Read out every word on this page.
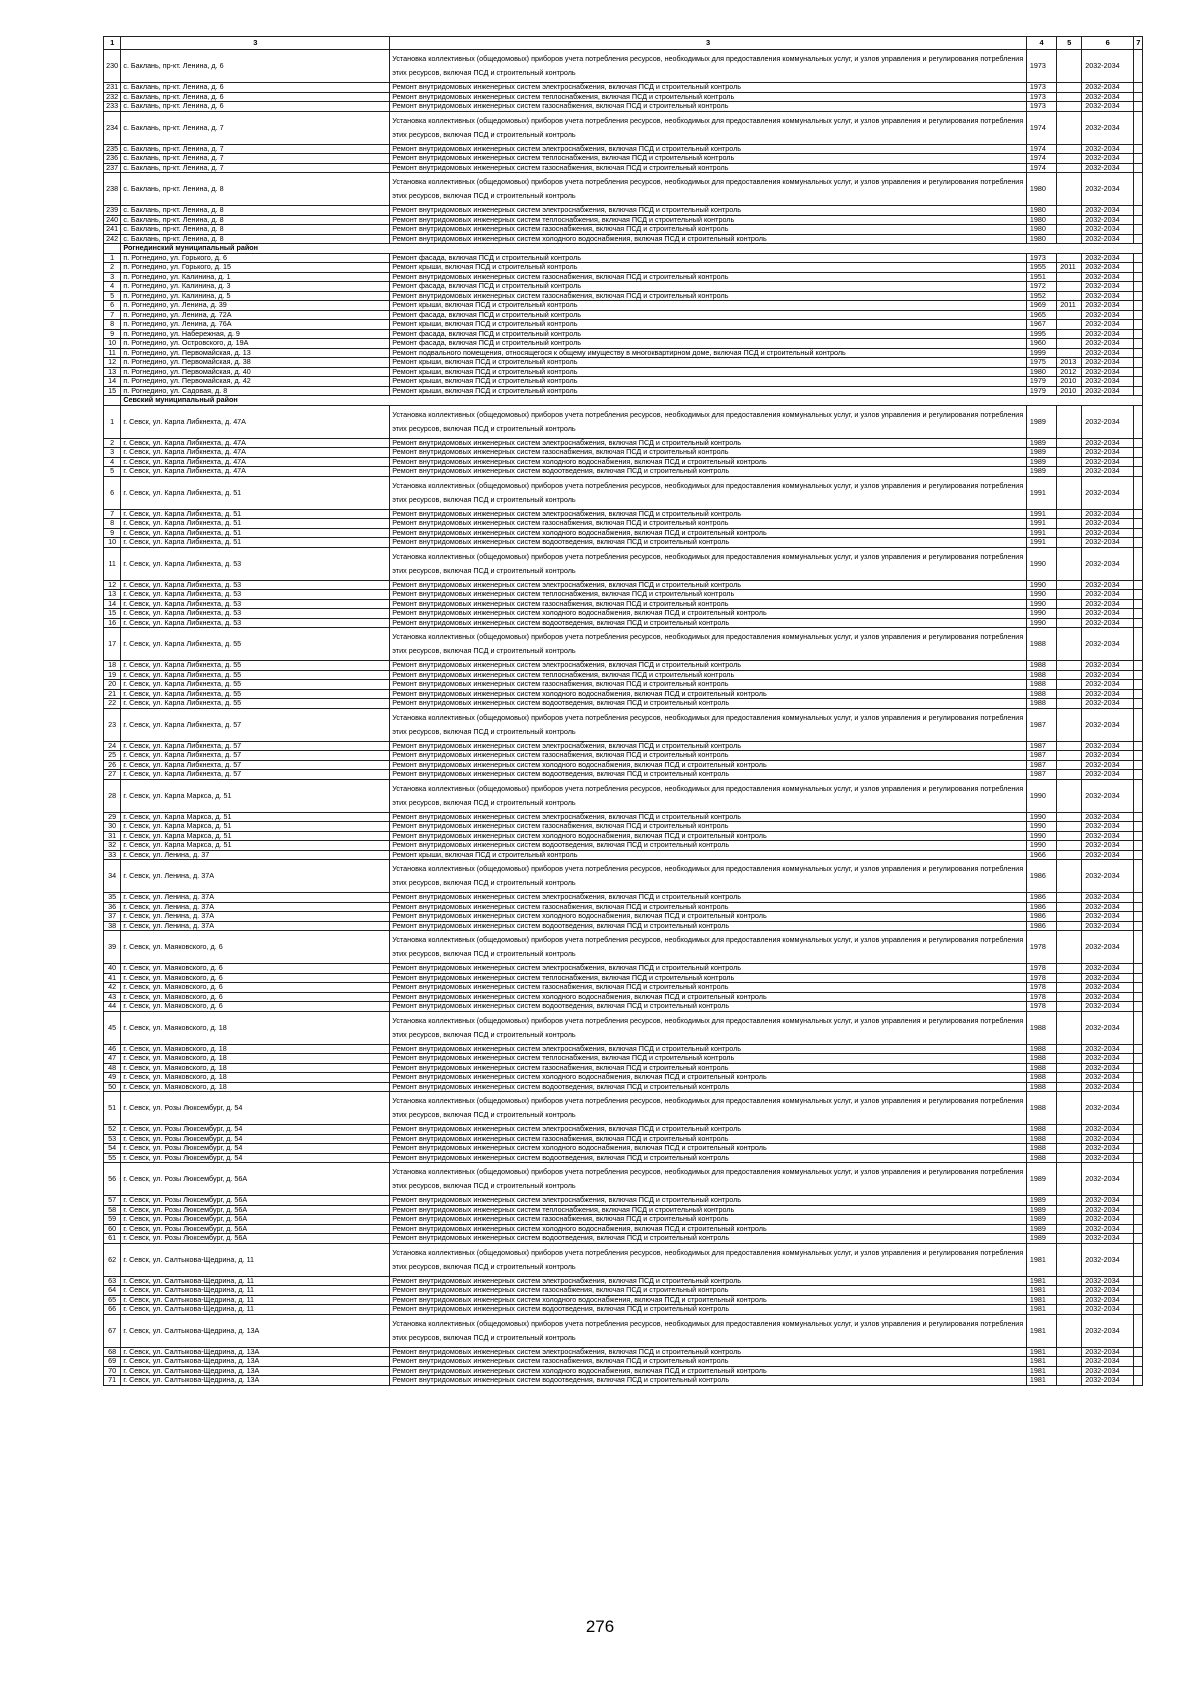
1	3	3	4	5	6	7
230	с. Баклань, пр-кт. Ленина, д. 6	Установка коллективных (общедомовых) приборов учета потребления ресурсов, необходимых для предоставления коммунальных услуг, и узлов управления и регулирования потребления этих ресурсов, включая ПСД и строительный контроль	1973		2032-2034	
231	с. Баклань, пр-кт. Ленина, д. 6	Ремонт внутридомовых инженерных систем электроснабжения, включая ПСД и строительный контроль	1973		2032-2034	
232	с. Баклань, пр-кт. Ленина, д. 6	Ремонт внутридомовых инженерных систем теплоснабжения, включая ПСД и строительный контроль	1973		2032-2034	
233	с. Баклань, пр-кт. Ленина, д. 6	Ремонт внутридомовых инженерных систем газоснабжения, включая ПСД и строительный контроль	1973		2032-2034	
234	с. Баклань, пр-кт. Ленина, д. 7	Установка коллективных (общедомовых) приборов учета потребления ресурсов, необходимых для предоставления коммунальных услуг, и узлов управления и регулирования потребления этих ресурсов, включая ПСД и строительный контроль	1974		2032-2034	
235	с. Баклань, пр-кт. Ленина, д. 7	Ремонт внутридомовых инженерных систем электроснабжения, включая ПСД и строительный контроль	1974		2032-2034	
236	с. Баклань, пр-кт. Ленина, д. 7	Ремонт внутридомовых инженерных систем теплоснабжения, включая ПСД и строительный контроль	1974		2032-2034	
237	с. Баклань, пр-кт. Ленина, д. 7	Ремонт внутридомовых инженерных систем газоснабжения, включая ПСД и строительный контроль	1974		2032-2034	
238	с. Баклань, пр-кт. Ленина, д. 8	Установка коллективных (общедомовых) приборов учета потребления ресурсов, необходимых для предоставления коммунальных услуг, и узлов управления и регулирования потребления этих ресурсов, включая ПСД и строительный контроль	1980		2032-2034	
239	с. Баклань, пр-кт. Ленина, д. 8	Ремонт внутридомовых инженерных систем электроснабжения, включая ПСД и строительный контроль	1980		2032-2034	
240	с. Баклань, пр-кт. Ленина, д. 8	Ремонт внутридомовых инженерных систем теплоснабжения, включая ПСД и строительный контроль	1980		2032-2034	
241	с. Баклань, пр-кт. Ленина, д. 8	Ремонт внутридомовых инженерных систем газоснабжения, включая ПСД и строительный контроль	1980		2032-2034	
242	с. Баклань, пр-кт. Ленина, д. 8	Ремонт внутридомовых инженерных систем холодного водоснабжения, включая ПСД и строительный контроль	1980		2032-2034	
	Рогнединский муниципальный район					
1	п. Рогнедино, ул. Горького, д. 6	Ремонт фасада, включая ПСД и строительный контроль	1973		2032-2034	
2	п. Рогнедино, ул. Горького, д. 15	Ремонт крыши, включая ПСД и строительный контроль	1955	2011	2032-2034	
3	п. Рогнедино, ул. Калинина, д. 1	Ремонт внутридомовых инженерных систем газоснабжения, включая ПСД и строительный контроль	1951		2032-2034	
4	п. Рогнедино, ул. Калинина, д. 3	Ремонт фасада, включая ПСД и строительный контроль	1972		2032-2034	
5	п. Рогнедино, ул. Калинина, д. 5	Ремонт внутридомовых инженерных систем газоснабжения, включая ПСД и строительный контроль	1952		2032-2034	
6	п. Рогнедино, ул. Ленина, д. 39	Ремонт крыши, включая ПСД и строительный контроль	1969	2011	2032-2034	
7	п. Рогнедино, ул. Ленина, д. 72А	Ремонт фасада, включая ПСД и строительный контроль	1965		2032-2034	
8	п. Рогнедино, ул. Ленина, д. 76А	Ремонт крыши, включая ПСД и строительный контроль	1967		2032-2034	
9	п. Рогнедино, ул. Набережная, д. 9	Ремонт фасада, включая ПСД и строительный контроль	1995		2032-2034	
10	п. Рогнедино, ул. Островского, д. 19А	Ремонт фасада, включая ПСД и строительный контроль	1960		2032-2034	
11	п. Рогнедино, ул. Первомайская, д. 13	Ремонт подвального помещения, относящегося к общему имуществу в многоквартирном доме, включая ПСД и строительный контроль	1999		2032-2034	
12	п. Рогнедино, ул. Первомайская, д. 38	Ремонт крыши, включая ПСД и строительный контроль	1975	2013	2032-2034	
13	п. Рогнедино, ул. Первомайская, д. 40	Ремонт крыши, включая ПСД и строительный контроль	1980	2012	2032-2034	
14	п. Рогнедино, ул. Первомайская, д. 42	Ремонт крыши, включая ПСД и строительный контроль	1979	2010	2032-2034	
15	п. Рогнедино, ул. Садовая, д. 8	Ремонт крыши, включая ПСД и строительный контроль	1979	2010	2032-2034	
	Севский муниципальный район					
1	г. Севск, ул. Карла Либкнехта, д. 47А	Установка коллективных (общедомовых) приборов учета потребления ресурсов, необходимых для предоставления коммунальных услуг, и узлов управления и регулирования потребления этих ресурсов, включая ПСД и строительный контроль	1989		2032-2034	
2	г. Севск, ул. Карла Либкнехта, д. 47А	Ремонт внутридомовых инженерных систем электроснабжения, включая ПСД и строительный контроль	1989		2032-2034	
3	г. Севск, ул. Карла Либкнехта, д. 47А	Ремонт внутридомовых инженерных систем газоснабжения, включая ПСД и строительный контроль	1989		2032-2034	
4	г. Севск, ул. Карла Либкнехта, д. 47А	Ремонт внутридомовых инженерных систем холодного водоснабжения, включая ПСД и строительный контроль	1989		2032-2034	
5	г. Севск, ул. Карла Либкнехта, д. 47А	Ремонт внутридомовых инженерных систем водоотведения, включая ПСД и строительный контроль	1989		2032-2034	
6	г. Севск, ул. Карла Либкнехта, д. 51	Установка коллективных (общедомовых) приборов учета потребления ресурсов, необходимых для предоставления коммунальных услуг, и узлов управления и регулирования потребления этих ресурсов, включая ПСД и строительный контроль	1991		2032-2034	
7	г. Севск, ул. Карла Либкнехта, д. 51	Ремонт внутридомовых инженерных систем электроснабжения, включая ПСД и строительный контроль	1991		2032-2034	
8	г. Севск, ул. Карла Либкнехта, д. 51	Ремонт внутридомовых инженерных систем газоснабжения, включая ПСД и строительный контроль	1991		2032-2034	
9	г. Севск, ул. Карла Либкнехта, д. 51	Ремонт внутридомовых инженерных систем холодного водоснабжения, включая ПСД и строительный контроль	1991		2032-2034	
10	г. Севск, ул. Карла Либкнехта, д. 51	Ремонт внутридомовых инженерных систем водоотведения, включая ПСД и строительный контроль	1991		2032-2034	
11	г. Севск, ул. Карла Либкнехта, д. 53	Установка коллективных (общедомовых) приборов учета потребления ресурсов, необходимых для предоставления коммунальных услуг, и узлов управления и регулирования потребления этих ресурсов, включая ПСД и строительный контроль	1990		2032-2034	
12	г. Севск, ул. Карла Либкнехта, д. 53	Ремонт внутридомовых инженерных систем электроснабжения, включая ПСД и строительный контроль	1990		2032-2034	
13	г. Севск, ул. Карла Либкнехта, д. 53	Ремонт внутридомовых инженерных систем теплоснабжения, включая ПСД и строительный контроль	1990		2032-2034	
14	г. Севск, ул. Карла Либкнехта, д. 53	Ремонт внутридомовых инженерных систем газоснабжения, включая ПСД и строительный контроль	1990		2032-2034	
15	г. Севск, ул. Карла Либкнехта, д. 53	Ремонт внутридомовых инженерных систем холодного водоснабжения, включая ПСД и строительный контроль	1990		2032-2034	
16	г. Севск, ул. Карла Либкнехта, д. 53	Ремонт внутридомовых инженерных систем водоотведения, включая ПСД и строительный контроль	1990		2032-2034	
17	г. Севск, ул. Карла Либкнехта, д. 55	Установка коллективных (общедомовых) приборов учета потребления ресурсов, необходимых для предоставления коммунальных услуг, и узлов управления и регулирования потребления этих ресурсов, включая ПСД и строительный контроль	1988		2032-2034	
18	г. Севск, ул. Карла Либкнехта, д. 55	Ремонт внутридомовых инженерных систем электроснабжения, включая ПСД и строительный контроль	1988		2032-2034	
19	г. Севск, ул. Карла Либкнехта, д. 55	Ремонт внутридомовых инженерных систем теплоснабжения, включая ПСД и строительный контроль	1988		2032-2034	
20	г. Севск, ул. Карла Либкнехта, д. 55	Ремонт внутридомовых инженерных систем газоснабжения, включая ПСД и строительный контроль	1988		2032-2034	
21	г. Севск, ул. Карла Либкнехта, д. 55	Ремонт внутридомовых инженерных систем холодного водоснабжения, включая ПСД и строительный контроль	1988		2032-2034	
22	г. Севск, ул. Карла Либкнехта, д. 55	Ремонт внутридомовых инженерных систем водоотведения, включая ПСД и строительный контроль	1988		2032-2034	
23	г. Севск, ул. Карла Либкнехта, д. 57	Установка коллективных (общедомовых) приборов учета потребления ресурсов, необходимых для предоставления коммунальных услуг, и узлов управления и регулирования потребления этих ресурсов, включая ПСД и строительный контроль	1987		2032-2034	
24	г. Севск, ул. Карла Либкнехта, д. 57	Ремонт внутридомовых инженерных систем электроснабжения, включая ПСД и строительный контроль	1987		2032-2034	
25	г. Севск, ул. Карла Либкнехта, д. 57	Ремонт внутридомовых инженерных систем газоснабжения, включая ПСД и строительный контроль	1987		2032-2034	
26	г. Севск, ул. Карла Либкнехта, д. 57	Ремонт внутридомовых инженерных систем холодного водоснабжения, включая ПСД и строительный контроль	1987		2032-2034	
27	г. Севск, ул. Карла Либкнехта, д. 57	Ремонт внутридомовых инженерных систем водоотведения, включая ПСД и строительный контроль	1987		2032-2034	
28	г. Севск, ул. Карла Маркса, д. 51	Установка коллективных (общедомовых) приборов учета потребления ресурсов, необходимых для предоставления коммунальных услуг, и узлов управления и регулирования потребления этих ресурсов, включая ПСД и строительный контроль	1990		2032-2034	
29	г. Севск, ул. Карла Маркса, д. 51	Ремонт внутридомовых инженерных систем электроснабжения, включая ПСД и строительный контроль	1990		2032-2034	
30	г. Севск, ул. Карла Маркса, д. 51	Ремонт внутридомовых инженерных систем газоснабжения, включая ПСД и строительный контроль	1990		2032-2034	
31	г. Севск, ул. Карла Маркса, д. 51	Ремонт внутридомовых инженерных систем холодного водоснабжения, включая ПСД и строительный контроль	1990		2032-2034	
32	г. Севск, ул. Карла Маркса, д. 51	Ремонт внутридомовых инженерных систем водоотведения, включая ПСД и строительный контроль	1990		2032-2034	
33	г. Севск, ул. Ленина, д. 37	Ремонт крыши, включая ПСД и строительный контроль	1966		2032-2034	
34	г. Севск, ул. Ленина, д. 37А	Установка коллективных (общедомовых) приборов учета потребления ресурсов, необходимых для предоставления коммунальных услуг, и узлов управления и регулирования потребления этих ресурсов, включая ПСД и строительный контроль	1986		2032-2034	
35	г. Севск, ул. Ленина, д. 37А	Ремонт внутридомовых инженерных систем электроснабжения, включая ПСД и строительный контроль	1986		2032-2034	
36	г. Севск, ул. Ленина, д. 37А	Ремонт внутридомовых инженерных систем газоснабжения, включая ПСД и строительный контроль	1986		2032-2034	
37	г. Севск, ул. Ленина, д. 37А	Ремонт внутридомовых инженерных систем холодного водоснабжения, включая ПСД и строительный контроль	1986		2032-2034	
38	г. Севск, ул. Ленина, д. 37А	Ремонт внутридомовых инженерных систем водоотведения, включая ПСД и строительный контроль	1986		2032-2034	
39	г. Севск, ул. Маяковского, д. 6	Установка коллективных (общедомовых) приборов учета потребления ресурсов, необходимых для предоставления коммунальных услуг, и узлов управления и регулирования потребления этих ресурсов, включая ПСД и строительный контроль	1978		2032-2034	
40	г. Севск, ул. Маяковского, д. 6	Ремонт внутридомовых инженерных систем электроснабжения, включая ПСД и строительный контроль	1978		2032-2034	
41	г. Севск, ул. Маяковского, д. 6	Ремонт внутридомовых инженерных систем теплоснабжения, включая ПСД и строительный контроль	1978		2032-2034	
42	г. Севск, ул. Маяковского, д. 6	Ремонт внутридомовых инженерных систем газоснабжения, включая ПСД и строительный контроль	1978		2032-2034	
43	г. Севск, ул. Маяковского, д. 6	Ремонт внутридомовых инженерных систем холодного водоснабжения, включая ПСД и строительный контроль	1978		2032-2034	
44	г. Севск, ул. Маяковского, д. 6	Ремонт внутридомовых инженерных систем водоотведения, включая ПСД и строительный контроль	1978		2032-2034	
45	г. Севск, ул. Маяковского, д. 18	Установка коллективных (общедомовых) приборов учета потребления ресурсов, необходимых для предоставления коммунальных услуг, и узлов управления и регулирования потребления этих ресурсов, включая ПСД и строительный контроль	1988		2032-2034	
46	г. Севск, ул. Маяковского, д. 18	Ремонт внутридомовых инженерных систем электроснабжения, включая ПСД и строительный контроль	1988		2032-2034	
47	г. Севск, ул. Маяковского, д. 18	Ремонт внутридомовых инженерных систем теплоснабжения, включая ПСД и строительный контроль	1988		2032-2034	
48	г. Севск, ул. Маяковского, д. 18	Ремонт внутридомовых инженерных систем газоснабжения, включая ПСД и строительный контроль	1988		2032-2034	
49	г. Севск, ул. Маяковского, д. 18	Ремонт внутридомовых инженерных систем холодного водоснабжения, включая ПСД и строительный контроль	1988		2032-2034	
50	г. Севск, ул. Маяковского, д. 18	Ремонт внутридомовых инженерных систем водоотведения, включая ПСД и строительный контроль	1988		2032-2034	
51	г. Севск, ул. Розы Люксембург, д. 54	Установка коллективных (общедомовых) приборов учета потребления ресурсов, необходимых для предоставления коммунальных услуг, и узлов управления и регулирования потребления этих ресурсов, включая ПСД и строительный контроль	1988		2032-2034	
52	г. Севск, ул. Розы Люксембург, д. 54	Ремонт внутридомовых инженерных систем электроснабжения, включая ПСД и строительный контроль	1988		2032-2034	
53	г. Севск, ул. Розы Люксембург, д. 54	Ремонт внутридомовых инженерных систем газоснабжения, включая ПСД и строительный контроль	1988		2032-2034	
54	г. Севск, ул. Розы Люксембург, д. 54	Ремонт внутридомовых инженерных систем холодного водоснабжения, включая ПСД и строительный контроль	1988		2032-2034	
55	г. Севск, ул. Розы Люксембург, д. 54	Ремонт внутридомовых инженерных систем водоотведения, включая ПСД и строительный контроль	1988		2032-2034	
56	г. Севск, ул. Розы Люксембург, д. 56А	Установка коллективных (общедомовых) приборов учета потребления ресурсов, необходимых для предоставления коммунальных услуг, и узлов управления и регулирования потребления этих ресурсов, включая ПСД и строительный контроль	1989		2032-2034	
57	г. Севск, ул. Розы Люксембург, д. 56А	Ремонт внутридомовых инженерных систем электроснабжения, включая ПСД и строительный контроль	1989		2032-2034	
58	г. Севск, ул. Розы Люксембург, д. 56А	Ремонт внутридомовых инженерных систем теплоснабжения, включая ПСД и строительный контроль	1989		2032-2034	
59	г. Севск, ул. Розы Люксембург, д. 56А	Ремонт внутридомовых инженерных систем газоснабжения, включая ПСД и строительный контроль	1989		2032-2034	
60	г. Севск, ул. Розы Люксембург, д. 56А	Ремонт внутридомовых инженерных систем холодного водоснабжения, включая ПСД и строительный контроль	1989		2032-2034	
61	г. Севск, ул. Розы Люксембург, д. 56А	Ремонт внутридомовых инженерных систем водоотведения, включая ПСД и строительный контроль	1989		2032-2034	
62	г. Севск, ул. Салтыкова-Щедрина, д. 11	Установка коллективных (общедомовых) приборов учета потребления ресурсов, необходимых для предоставления коммунальных услуг, и узлов управления и регулирования потребления этих ресурсов, включая ПСД и строительный контроль	1981		2032-2034	
63	г. Севск, ул. Салтыкова-Щедрина, д. 11	Ремонт внутридомовых инженерных систем электроснабжения, включая ПСД и строительный контроль	1981		2032-2034	
64	г. Севск, ул. Салтыкова-Щедрина, д. 11	Ремонт внутридомовых инженерных систем газоснабжения, включая ПСД и строительный контроль	1981		2032-2034	
65	г. Севск, ул. Салтыкова-Щедрина, д. 11	Ремонт внутридомовых инженерных систем холодного водоснабжения, включая ПСД и строительный контроль	1981		2032-2034	
66	г. Севск, ул. Салтыкова-Щедрина, д. 11	Ремонт внутридомовых инженерных систем водоотведения, включая ПСД и строительный контроль	1981		2032-2034	
67	г. Севск, ул. Салтыкова-Щедрина, д. 13А	Установка коллективных (общедомовых) приборов учета потребления ресурсов, необходимых для предоставления коммунальных услуг, и узлов управления и регулирования потребления этих ресурсов, включая ПСД и строительный контроль	1981		2032-2034	
68	г. Севск, ул. Салтыкова-Щедрина, д. 13А	Ремонт внутридомовых инженерных систем электроснабжения, включая ПСД и строительный контроль	1981		2032-2034	
69	г. Севск, ул. Салтыкова-Щедрина, д. 13А	Ремонт внутридомовых инженерных систем газоснабжения, включая ПСД и строительный контроль	1981		2032-2034	
70	г. Севск, ул. Салтыкова-Щедрина, д. 13А	Ремонт внутридомовых инженерных систем холодного водоснабжения, включая ПСД и строительный контроль	1981		2032-2034	
71	г. Севск, ул. Салтыкова-Щедрина, д. 13А	Ремонт внутридомовых инженерных систем водоотведения, включая ПСД и строительный контроль	1981		2032-2034	
276
